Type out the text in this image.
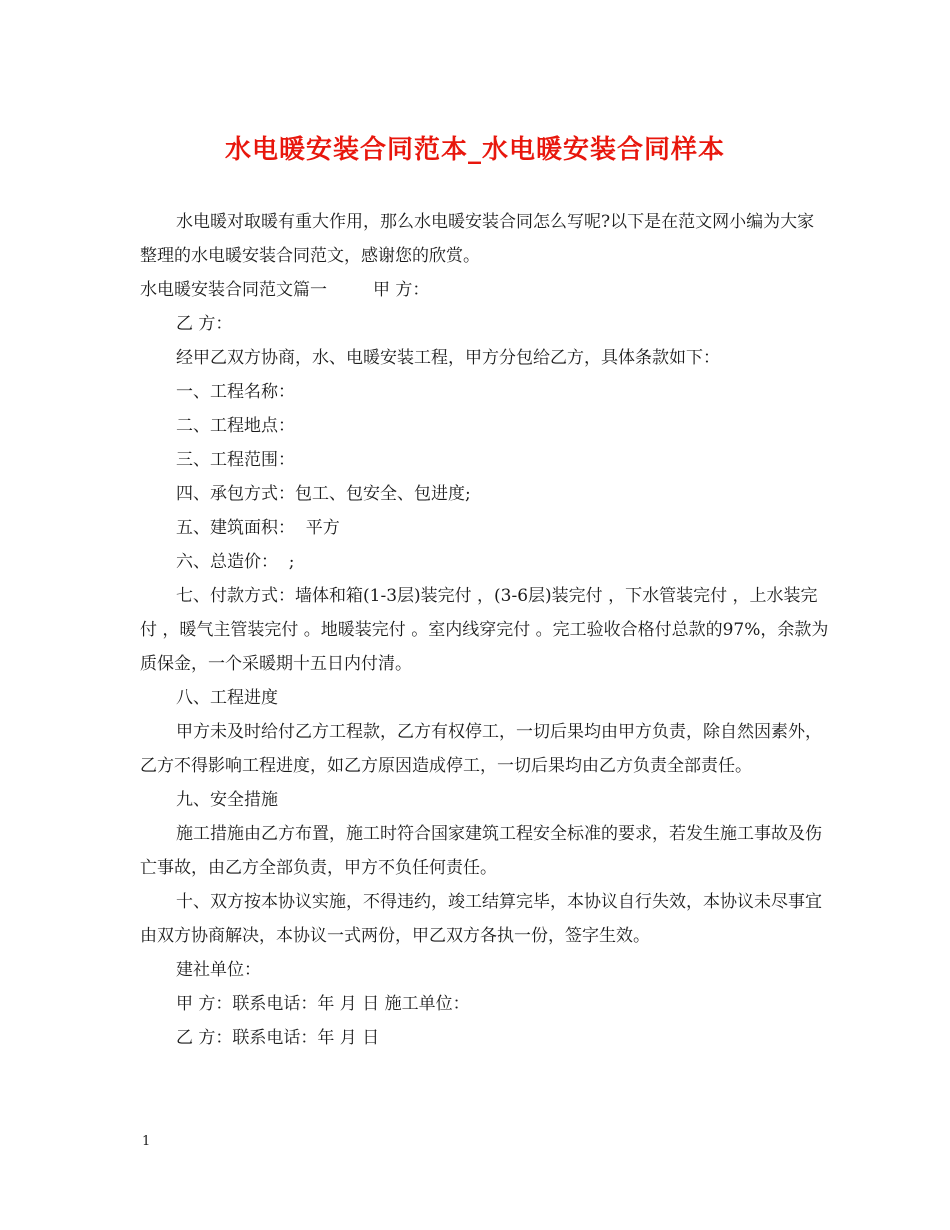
水电暖安装合同范本_水电暖安装合同样本

水电暖对取暖有重大作用，那么水电暖安装合同怎么写呢?以下是在范文网小编为大家整理的水电暖安装合同范文，感谢您的欣赏。

水电暖安装合同范文篇一	甲 方：

乙 方：

经甲乙双方协商，水、电暖安装工程，甲方分包给乙方，具体条款如下：

一、工程名称：

二、工程地点：

三、工程范围：

四、承包方式：包工、包安全、包进度;

五、建筑面积：  平方

六、总造价：  ;

七、付款方式：墙体和箱(1-3层)装完付 ，(3-6层)装完付 ，下水管装完付 ，上水装完付 ，暖气主管装完付 。地暖装完付 。室内线穿完付 。完工验收合格付总款的97%，余款为质保金，一个采暖期十五日内付清。

八、工程进度

甲方未及时给付乙方工程款，乙方有权停工，一切后果均由甲方负责，除自然因素外，乙方不得影响工程进度，如乙方原因造成停工，一切后果均由乙方负责全部责任。

九、安全措施

施工措施由乙方布置，施工时符合国家建筑工程安全标准的要求，若发生施工事故及伤亡事故，由乙方全部负责，甲方不负任何责任。

十、双方按本协议实施，不得违约，竣工结算完毕，本协议自行失效，本协议未尽事宜由双方协商解决，本协议一式两份，甲乙双方各执一份，签字生效。

建社单位：

甲 方：联系电话：年 月 日 施工单位：

乙 方：联系电话：年 月 日

1
